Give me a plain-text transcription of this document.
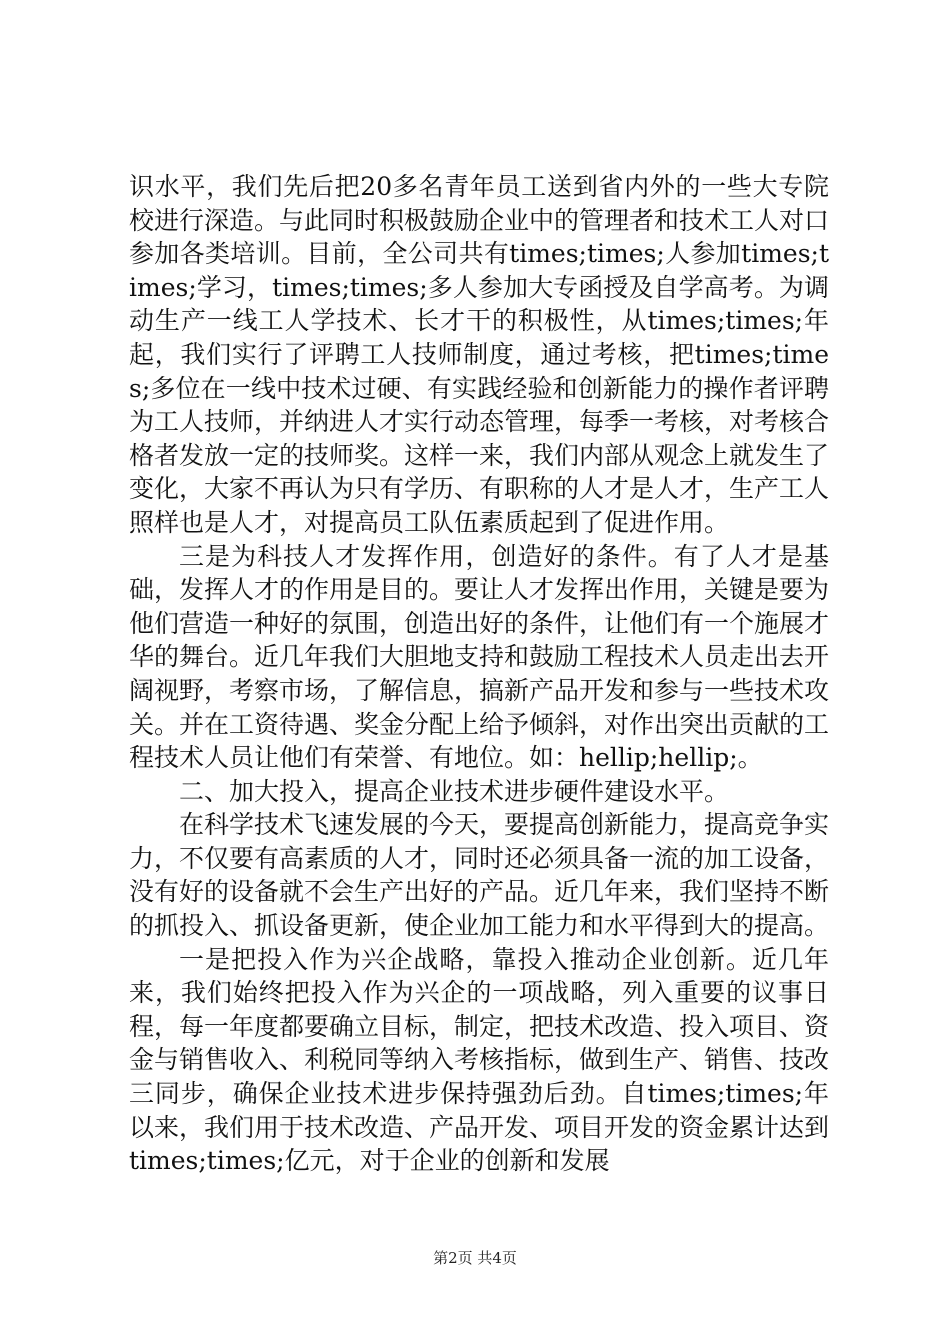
识水平，我们先后把20多名青年员工送到省内外的一些大专院校进行深造。与此同时积极鼓励企业中的管理者和技术工人对口参加各类培训。目前，全公司共有times;times;人参加times;times;学习，times;times;多人参加大专函授及自学高考。为调动生产一线工人学技术、长才干的积极性，从times;times;年起，我们实行了评聘工人技师制度，通过考核，把times;times;多位在一线中技术过硬、有实践经验和创新能力的操作者评聘为工人技师，并纳进人才实行动态管理，每季一考核，对考核合格者发放一定的技师奖。这样一来，我们内部从观念上就发生了变化，大家不再认为只有学历、有职称的人才是人才，生产工人照样也是人才，对提高员工队伍素质起到了促进作用。

三是为科技人才发挥作用，创造好的条件。有了人才是基础，发挥人才的作用是目的。要让人才发挥出作用，关键是要为他们营造一种好的氛围，创造出好的条件，让他们有一个施展才华的舞台。近几年我们大胆地支持和鼓励工程技术人员走出去开阔视野，考察市场，了解信息，搞新产品开发和参与一些技术攻关。并在工资待遇、奖金分配上给予倾斜，对作出突出贡献的工程技术人员让他们有荣誉、有地位。如：hellip;hellip;。

二、加大投入，提高企业技术进步硬件建设水平。

在科学技术飞速发展的今天，要提高创新能力，提高竞争实力，不仅要有高素质的人才，同时还必须具备一流的加工设备，没有好的设备就不会生产出好的产品。近几年来，我们坚持不断的抓投入、抓设备更新，使企业加工能力和水平得到大的提高。

一是把投入作为兴企战略，靠投入推动企业创新。近几年来，我们始终把投入作为兴企的一项战略，列入重要的议事日程，每一年度都要确立目标，制定，把技术改造、投入项目、资金与销售收入、利税同等纳入考核指标，做到生产、销售、技改三同步，确保企业技术进步保持强劲后劲。自times;times;年以来，我们用于技术改造、产品开发、项目开发的资金累计达到times;times;亿元，对于企业的创新和发展

第2页 共4页
